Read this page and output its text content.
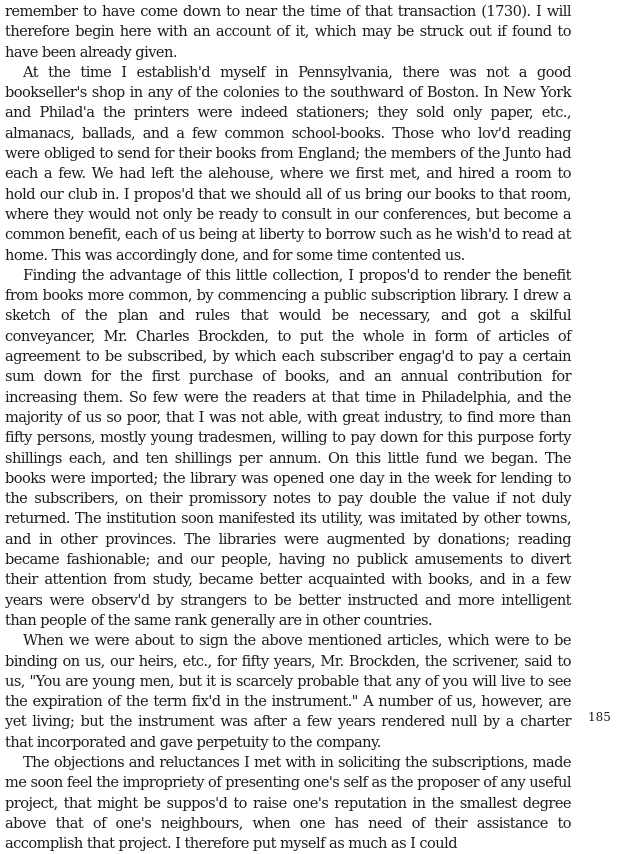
remember to have come down to near the time of that transaction (1730). I will therefore begin here with an account of it, which may be struck out if found to have been already given.

At the time I establish'd myself in Pennsylvania, there was not a good bookseller's shop in any of the colonies to the southward of Boston. In New York and Philad'a the printers were indeed stationers; they sold only paper, etc., almanacs, ballads, and a few common school-books. Those who lov'd reading were obliged to send for their books from England; the members of the Junto had each a few. We had left the alehouse, where we first met, and hired a room to hold our club in. I propos'd that we should all of us bring our books to that room, where they would not only be ready to consult in our conferences, but become a common benefit, each of us being at liberty to borrow such as he wish'd to read at home. This was accordingly done, and for some time contented us.

Finding the advantage of this little collection, I propos'd to render the benefit from books more common, by commencing a public subscription library. I drew a sketch of the plan and rules that would be necessary, and got a skilful conveyancer, Mr. Charles Brockden, to put the whole in form of articles of agreement to be subscribed, by which each subscriber engag'd to pay a certain sum down for the first purchase of books, and an annual contribution for increasing them. So few were the readers at that time in Philadelphia, and the majority of us so poor, that I was not able, with great industry, to find more than fifty persons, mostly young tradesmen, willing to pay down for this purpose forty shillings each, and ten shillings per annum. On this little fund we began. The books were imported; the library was opened one day in the week for lending to the subscribers, on their promissory notes to pay double the value if not duly returned. The institution soon manifested its utility, was imitated by other towns, and in other provinces. The libraries were augmented by donations; reading became fashionable; and our people, having no publick amusements to divert their attention from study, became better acquainted with books, and in a few years were observ'd by strangers to be better instructed and more intelligent than people of the same rank generally are in other countries.

When we were about to sign the above mentioned articles, which were to be binding on us, our heirs, etc., for fifty years, Mr. Brockden, the scrivener, said to us, "You are young men, but it is scarcely probable that any of you will live to see the expiration of the term fix'd in the instrument." A number of us, however, are yet living; but the instrument was after a few years rendered null by a charter that incorporated and gave perpetuity to the company.

The objections and reluctances I met with in soliciting the subscriptions, made me soon feel the impropriety of presenting one's self as the proposer of any useful project, that might be suppos'd to raise one's reputation in the smallest degree above that of one's neighbours, when one has need of their assistance to accomplish that project. I therefore put myself as much as I could

185
